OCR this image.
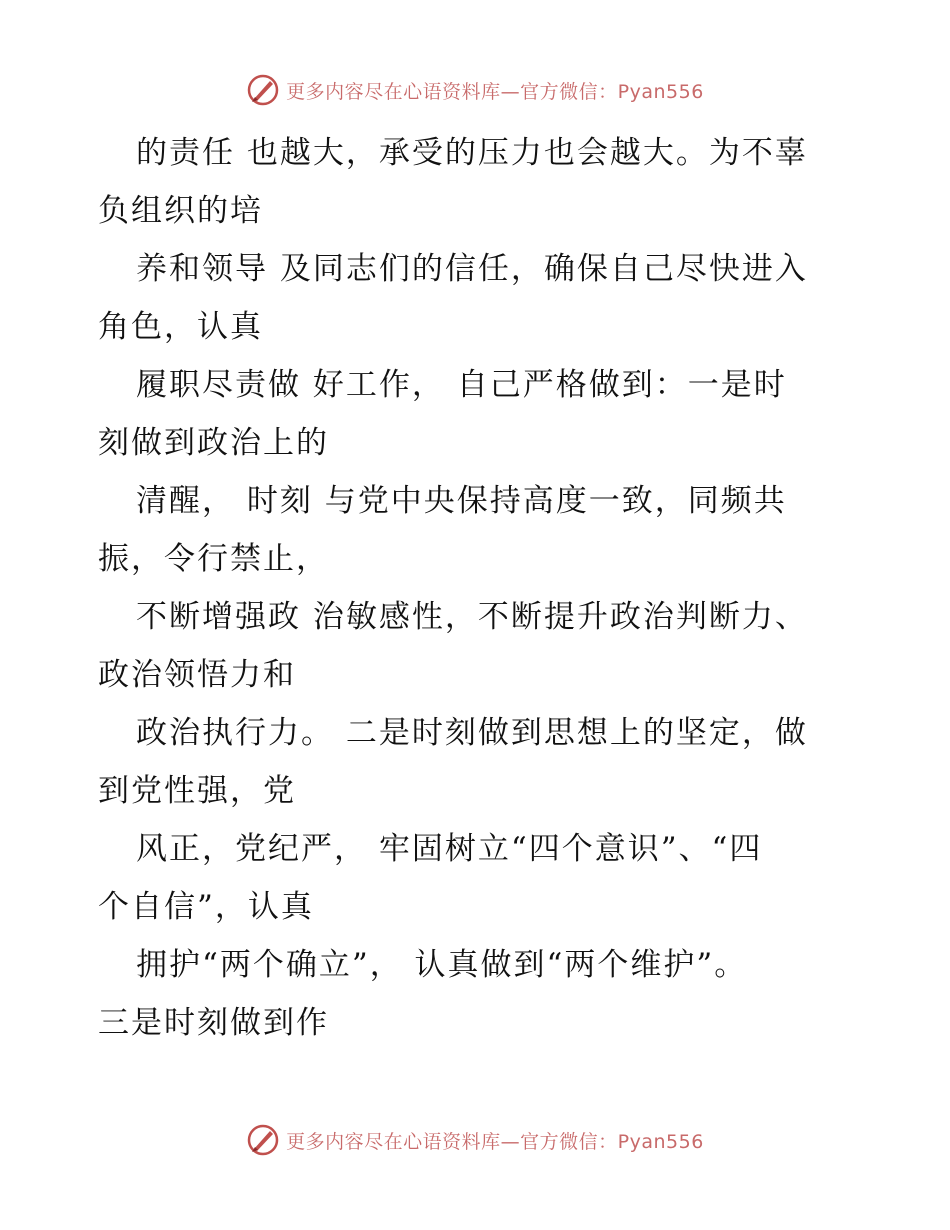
更多内容尽在心语资料库—官方微信：Pyan556
的责任 也越大，承受的压力也会越大。为不辜
负组织的培
养和领导 及同志们的信任，确保自己尽快进入
角色，认真
履职尽责做 好工作， 自己严格做到：一是时
刻做到政治上的
清醒， 时刻 与党中央保持高度一致，同频共
振，令行禁止，
不断增强政 治敏感性，不断提升政治判断力、
政治领悟力和
政治执行力。 二是时刻做到思想上的坚定，做
到党性强，党
风正，党纪严， 牢固树立“四个意识”、“四
个自信”，认真
拥护“两个确立”， 认真做到“两个维护”。
三是时刻做到作
更多内容尽在心语资料库—官方微信：Pyan556
